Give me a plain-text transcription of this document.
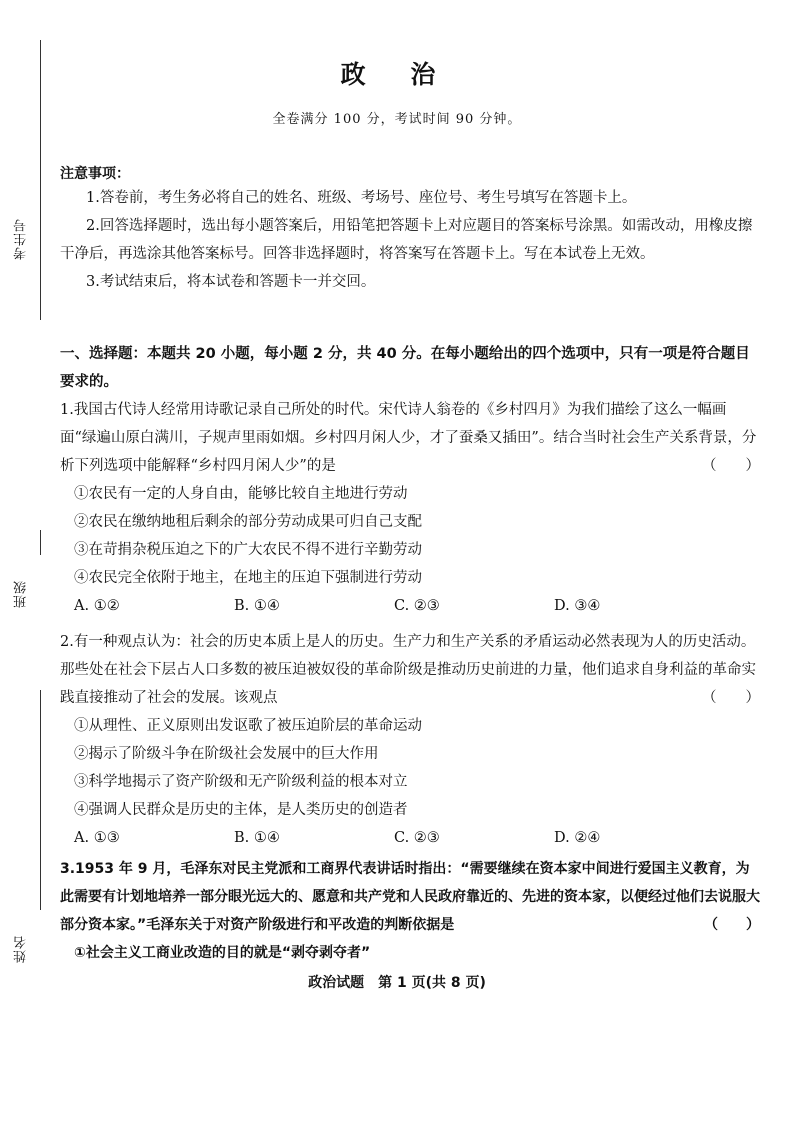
考生号
班级
姓名
政 治
全卷满分 100 分，考试时间 90 分钟。
注意事项：

1.答卷前，考生务必将自己的姓名、班级、考场号、座位号、考生号填写在答题卡上。

2.回答选择题时，选出每小题答案后，用铅笔把答题卡上对应题目的答案标号涂黑。如需改动，用橡皮擦干净后，再选涂其他答案标号。回答非选择题时，将答案写在答题卡上。写在本试卷上无效。

3.考试结束后，将本试卷和答题卡一并交回。

一、选择题：本题共 20 小题，每小题 2 分，共 40 分。在每小题给出的四个选项中，只有一项是符合题目要求的。

1.我国古代诗人经常用诗歌记录自己所处的时代。宋代诗人翁卷的《乡村四月》为我们描绘了这么一幅画面“绿遍山原白满川，子规声里雨如烟。乡村四月闲人少，才了蚕桑又插田”。结合当时社会生产关系背景，分析下列选项中能解释“乡村四月闲人少”的是	（　　）

①农民有一定的人身自由，能够比较自主地进行劳动

②农民在缴纳地租后剩余的部分劳动成果可归自己支配

③在苛捐杂税压迫之下的广大农民不得不进行辛勤劳动

④农民完全依附于地主，在地主的压迫下强制进行劳动

A. ①②	B. ①④	C. ②③	D. ③④

2.有一种观点认为：社会的历史本质上是人的历史。生产力和生产关系的矛盾运动必然表现为人的历史活动。那些处在社会下层占人口多数的被压迫被奴役的革命阶级是推动历史前进的力量，他们追求自身利益的革命实践直接推动了社会的发展。该观点	（　　）

①从理性、正义原则出发讴歌了被压迫阶层的革命运动

②揭示了阶级斗争在阶级社会发展中的巨大作用

③科学地揭示了资产阶级和无产阶级利益的根本对立

④强调人民群众是历史的主体，是人类历史的创造者

A. ①③	B. ①④	C. ②③	D. ②④

3.1953 年 9 月，毛泽东对民主党派和工商界代表讲话时指出：“需要继续在资本家中间进行爱国主义教育，为此需要有计划地培养一部分眼光远大的、愿意和共产党和人民政府靠近的、先进的资本家，以便经过他们去说服大部分资本家。”毛泽东关于对资产阶级进行和平改造的判断依据是	（　　）

①社会主义工商业改造的目的就是“剥夺剥夺者”

政治试题　第 1 页(共 8 页)
